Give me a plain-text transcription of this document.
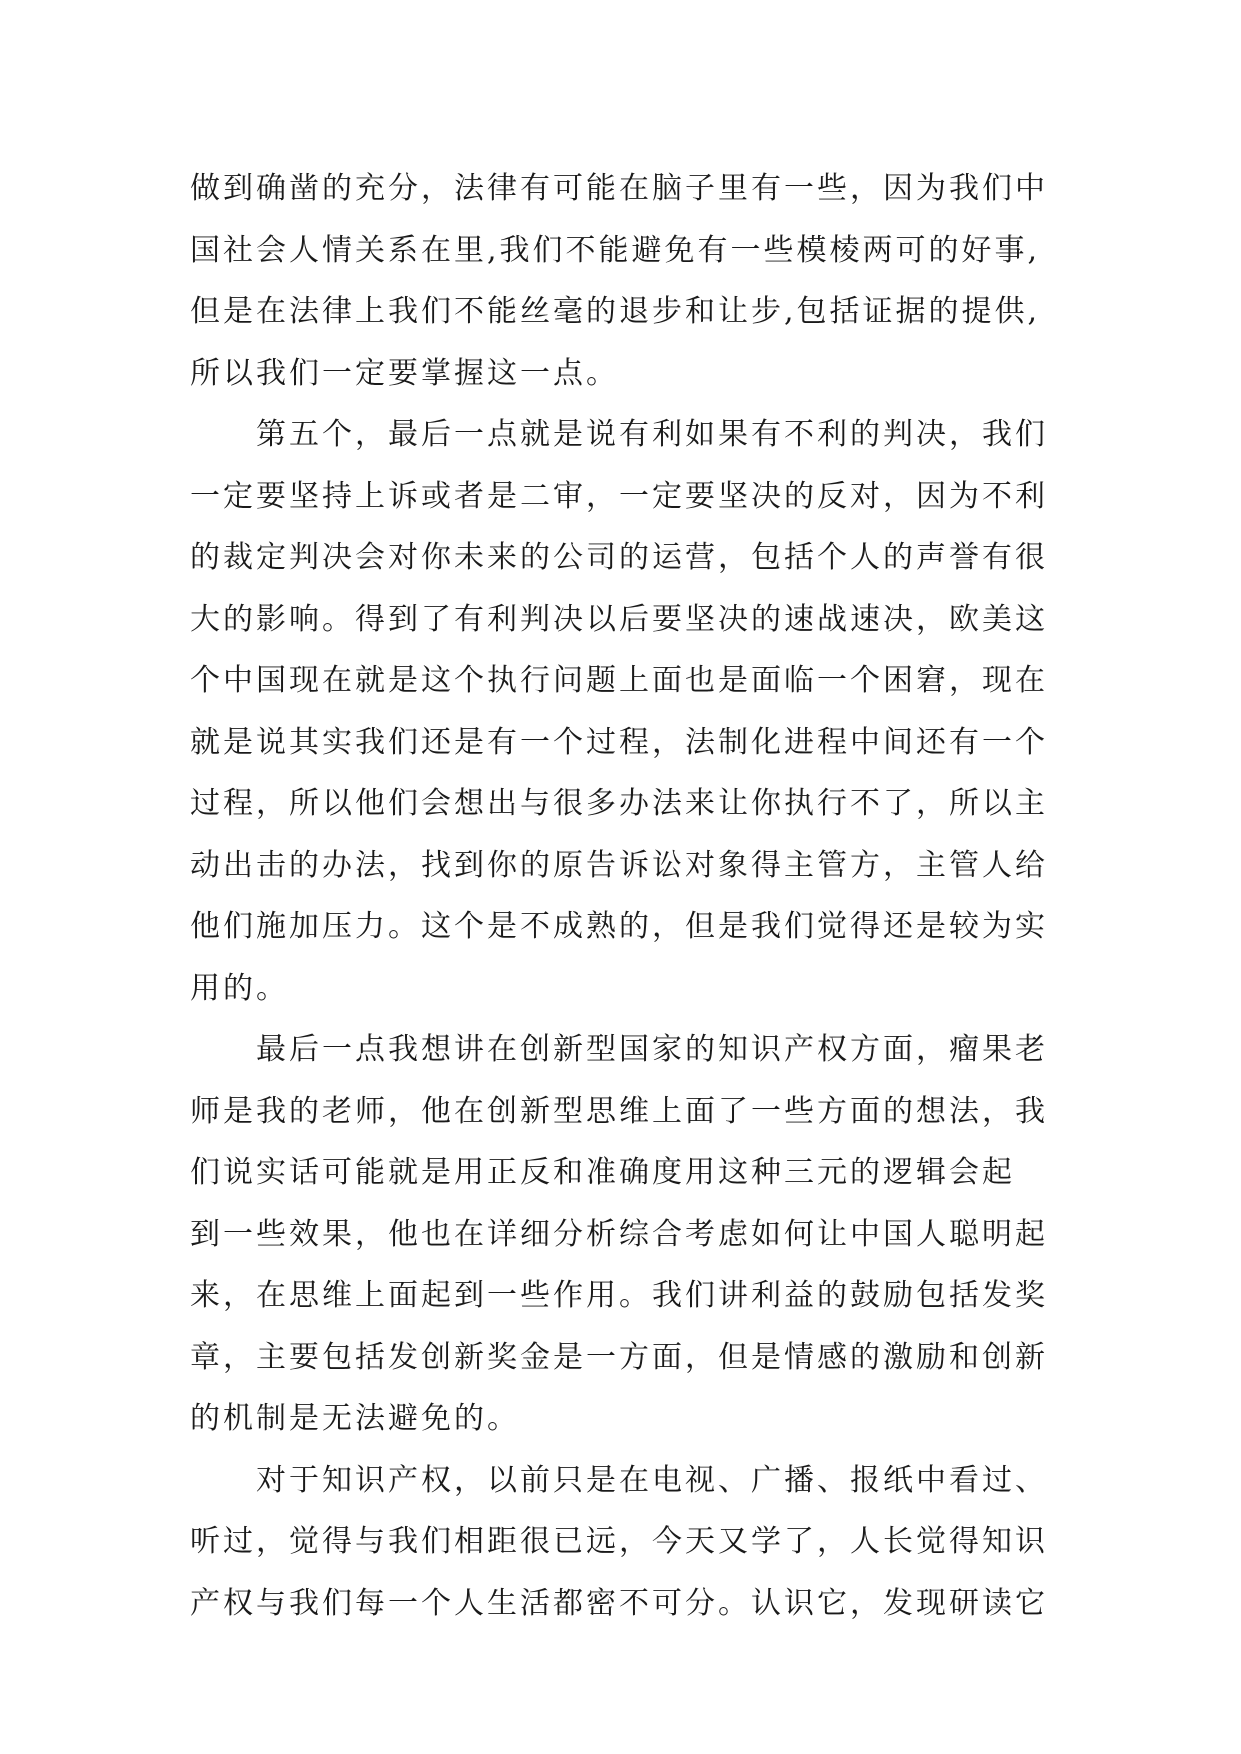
做到确凿的充分，法律有可能在脑子里有一些，因为我们中
国社会人情关系在里,我们不能避免有一些模棱两可的好事,
但是在法律上我们不能丝毫的退步和让步,包括证据的提供,
所以我们一定要掌握这一点。
第五个，最后一点就是说有利如果有不利的判决，我们
一定要坚持上诉或者是二审，一定要坚决的反对，因为不利
的裁定判决会对你未来的公司的运营，包括个人的声誉有很
大的影响。得到了有利判决以后要坚决的速战速决，欧美这
个中国现在就是这个执行问题上面也是面临一个困窘，现在
就是说其实我们还是有一个过程，法制化进程中间还有一个
过程，所以他们会想出与很多办法来让你执行不了，所以主
动出击的办法，找到你的原告诉讼对象得主管方，主管人给
他们施加压力。这个是不成熟的，但是我们觉得还是较为实
用的。
最后一点我想讲在创新型国家的知识产权方面，瘤果老
师是我的老师，他在创新型思维上面了一些方面的想法，我
们说实话可能就是用正反和准确度用这种三元的逻辑会起
到一些效果，他也在详细分析综合考虑如何让中国人聪明起
来，在思维上面起到一些作用。我们讲利益的鼓励包括发奖
章，主要包括发创新奖金是一方面，但是情感的激励和创新
的机制是无法避免的。
对于知识产权，以前只是在电视、广播、报纸中看过、
听过，觉得与我们相距很已远，今天又学了，人长觉得知识
产权与我们每一个人生活都密不可分。认识它，发现研读它
